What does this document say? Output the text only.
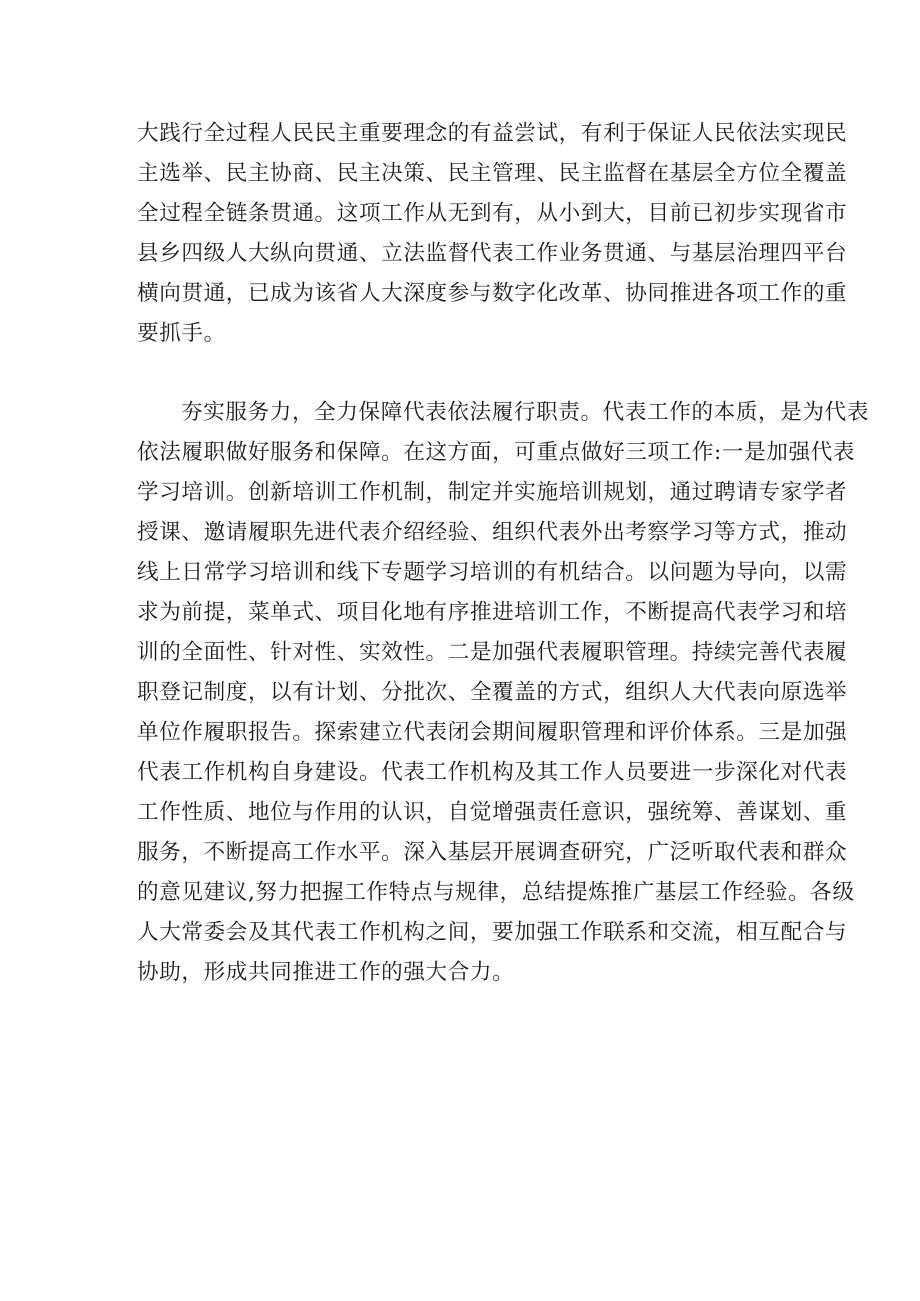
大践行全过程人民民主重要理念的有益尝试，有利于保证人民依法实现民
主选举、民主协商、民主决策、民主管理、民主监督在基层全方位全覆盖
全过程全链条贯通。这项工作从无到有，从小到大，目前已初步实现省市
县乡四级人大纵向贯通、立法监督代表工作业务贯通、与基层治理四平台
横向贯通，已成为该省人大深度参与数字化改革、协同推进各项工作的重
要抓手。
夯实服务力，全力保障代表依法履行职责。代表工作的本质，是为代表
依法履职做好服务和保障。在这方面，可重点做好三项工作:一是加强代表
学习培训。创新培训工作机制，制定并实施培训规划，通过聘请专家学者
授课、邀请履职先进代表介绍经验、组织代表外出考察学习等方式，推动
线上日常学习培训和线下专题学习培训的有机结合。以问题为导向，以需
求为前提，菜单式、项目化地有序推进培训工作，不断提高代表学习和培
训的全面性、针对性、实效性。二是加强代表履职管理。持续完善代表履
职登记制度，以有计划、分批次、全覆盖的方式，组织人大代表向原选举
单位作履职报告。探索建立代表闭会期间履职管理和评价体系。三是加强
代表工作机构自身建设。代表工作机构及其工作人员要进一步深化对代表
工作性质、地位与作用的认识，自觉增强责任意识，强统筹、善谋划、重
服务，不断提高工作水平。深入基层开展调查研究，广泛听取代表和群众
的意见建议,努力把握工作特点与规律，总结提炼推广基层工作经验。各级
人大常委会及其代表工作机构之间，要加强工作联系和交流，相互配合与
协助，形成共同推进工作的强大合力。
